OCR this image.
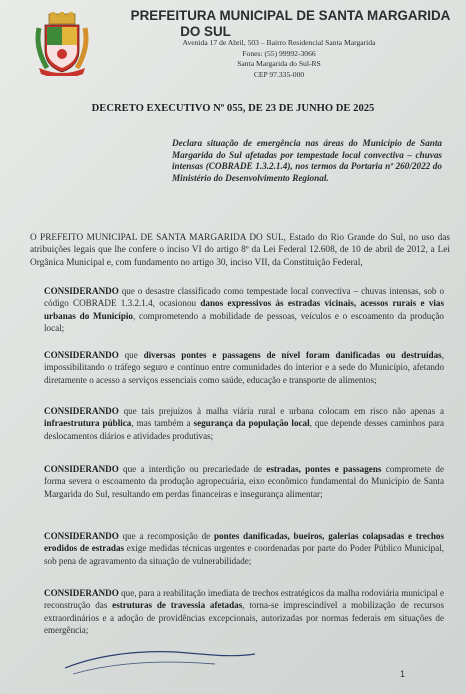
PREFEITURA MUNICIPAL DE SANTA MARGARIDA
DO SUL
Avenida 17 de Abril, 503 – Bairro Residencial Santa Margarida
Fones: (55) 99992-3066
Santa Margarida do Sul-RS
CEP 97.335-000
DECRETO EXECUTIVO Nº 055, DE 23 DE JUNHO DE 2025
Declara situação de emergência nas áreas do Município de Santa Margarida do Sul afetadas por tempestade local convectiva – chuvas intensas (COBRADE 1.3.2.1.4), nos termos da Portaria nº 260/2022 do Ministério do Desenvolvimento Regional.
O PREFEITO MUNICIPAL DE SANTA MARGARIDA DO SUL, Estado do Rio Grande do Sul, no uso das atribuições legais que lhe confere o inciso VI do artigo 8º da Lei Federal 12.608, de 10 de abril de 2012, a Lei Orgânica Municipal e, com fundamento no artigo 30, inciso VII, da Constituição Federal,
CONSIDERANDO que o desastre classificado como tempestade local convectiva – chuvas intensas, sob o código COBRADE 1.3.2.1.4, ocasionou danos expressivos às estradas vicinais, acessos rurais e vias urbanas do Município, comprometendo a mobilidade de pessoas, veículos e o escoamento da produção local;
CONSIDERANDO que diversas pontes e passagens de nível foram danificadas ou destruídas, impossibilitando o tráfego seguro e contínuo entre comunidades do interior e a sede do Município, afetando diretamente o acesso a serviços essenciais como saúde, educação e transporte de alimentos;
CONSIDERANDO que tais prejuízos à malha viária rural e urbana colocam em risco não apenas a infraestrutura pública, mas também a segurança da população local, que depende desses caminhos para deslocamentos diários e atividades produtivas;
CONSIDERANDO que a interdição ou precariedade de estradas, pontes e passagens compromete de forma severa o escoamento da produção agropecuária, eixo econômico fundamental do Município de Santa Margarida do Sul, resultando em perdas financeiras e insegurança alimentar;
CONSIDERANDO que a recomposição de pontes danificadas, bueiros, galerias colapsadas e trechos erodidos de estradas exige medidas técnicas urgentes e coordenadas por parte do Poder Público Municipal, sob pena de agravamento da situação de vulnerabilidade;
CONSIDERANDO que, para a reabilitação imediata de trechos estratégicos da malha rodoviária municipal e reconstrução das estruturas de travessia afetadas, torna-se imprescindível a mobilização de recursos extraordinários e a adoção de providências excepcionais, autorizadas por normas federais em situações de emergência;
1
